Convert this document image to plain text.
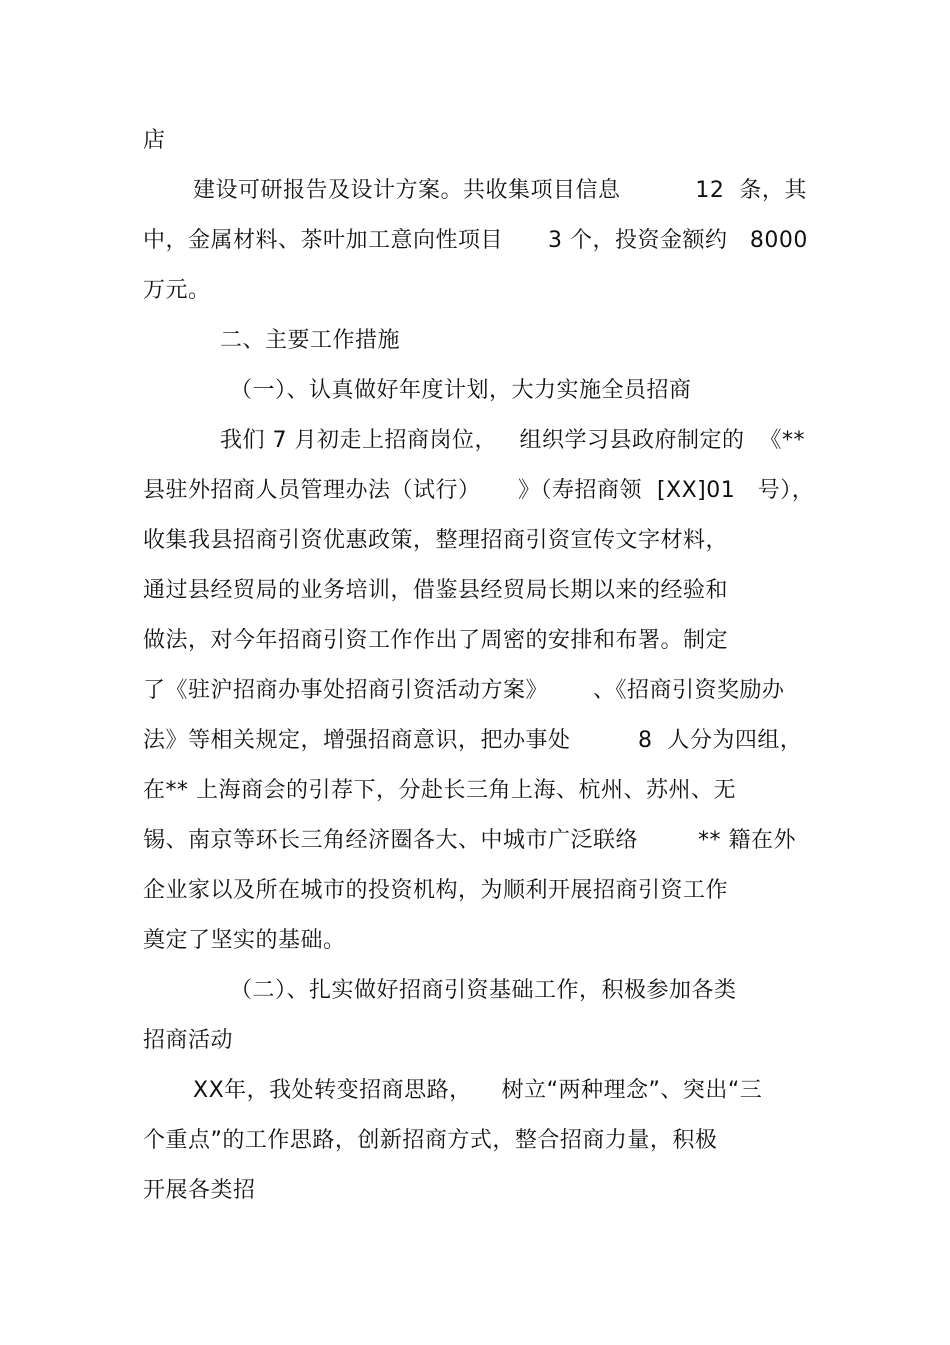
店
建设可研报告及设计方案。共收集项目信息          12  条，其
中，金属材料、茶叶加工意向性项目      3 个，投资金额约   8000
万元。
二、主要工作措施
（一）、认真做好年度计划，大力实施全员招商
我们 7 月初走上招商岗位，   组织学习县政府制定的  《**
县驻外招商人员管理办法（试行）     》（寿招商领  [XX]01   号），
收集我县招商引资优惠政策，整理招商引资宣传文字材料，
通过县经贸局的业务培训，借鉴县经贸局长期以来的经验和
做法，对今年招商引资工作作出了周密的安排和布署。制定
了《驻沪招商办事处招商引资活动方案》      、《招商引资奖励办
法》等相关规定，增强招商意识，把办事处         8  人分为四组，
在** 上海商会的引荐下，分赴长三角上海、杭州、苏州、无
锡、南京等环长三角经济圈各大、中城市广泛联络        ** 籍在外
企业家以及所在城市的投资机构，为顺利开展招商引资工作
奠定了坚实的基础。
（二）、扎实做好招商引资基础工作，积极参加各类
招商活动
XX年，我处转变招商思路，    树立“两种理念”、突出“三
个重点”的工作思路，创新招商方式，整合招商力量，积极
开展各类招
